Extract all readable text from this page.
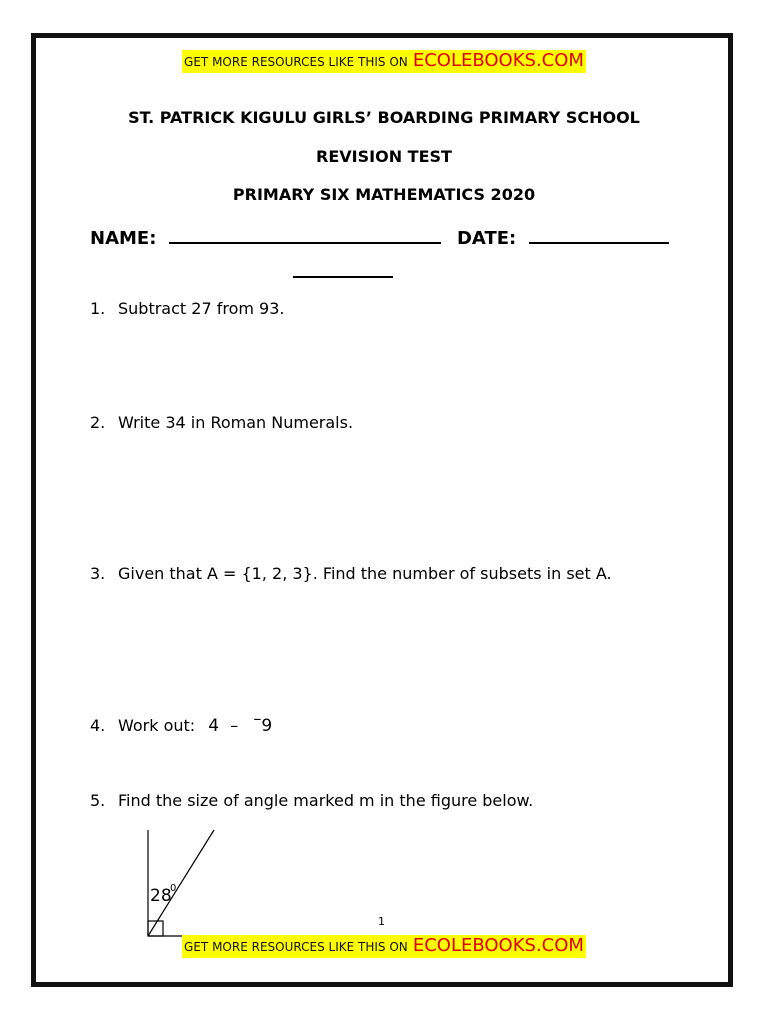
GET MORE RESOURCES LIKE THIS ON ECOLEBOOKS.COM
ST. PATRICK KIGULU GIRLS’ BOARDING PRIMARY SCHOOL
REVISION TEST
PRIMARY SIX MATHEMATICS 2020
NAME:	DATE:
1. Subtract 27 from 93.
2. Write 34 in Roman Numerals.
3. Given that A = {1, 2, 3}. Find the number of subsets in set A.
4. Work out: 4 – –9
5. Find the size of angle marked m in the figure below.
28
0
1
GET MORE RESOURCES LIKE THIS ON ECOLEBOOKS.COM
